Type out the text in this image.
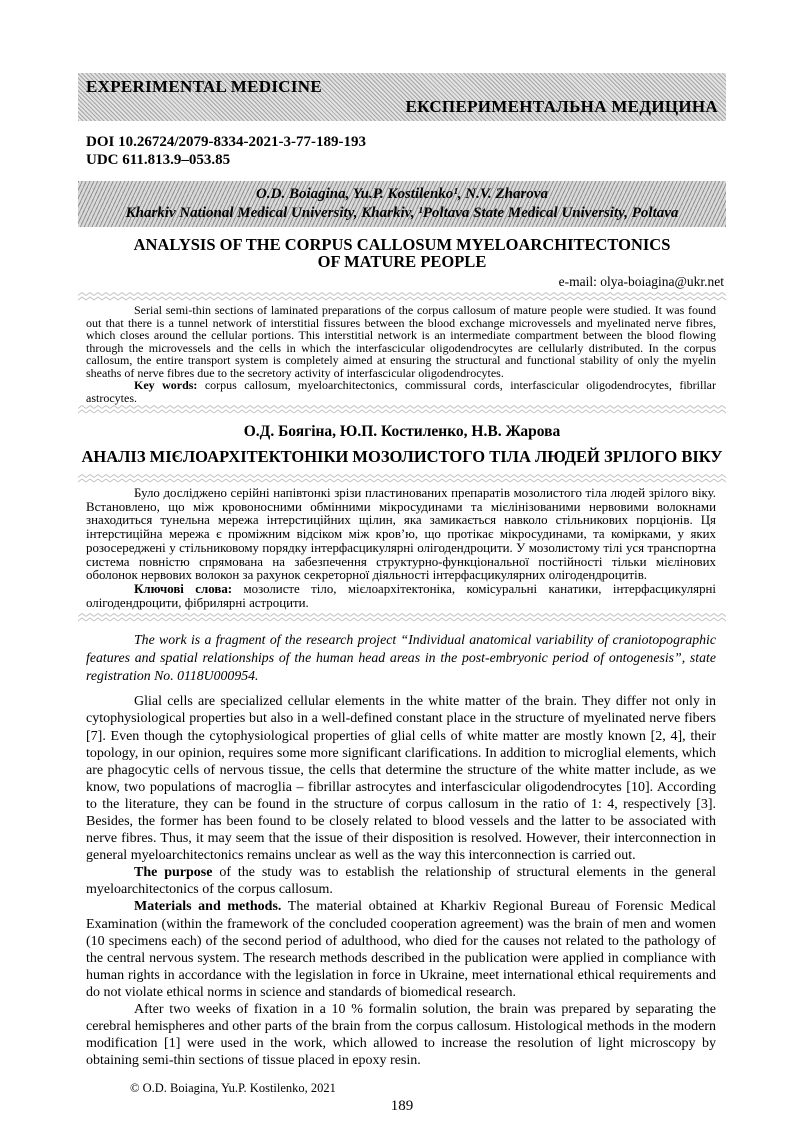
EXPERIMENTAL MEDICINE
ЕКСПЕРИМЕНТАЛЬНА МЕДИЦИНА
DOI 10.26724/2079-8334-2021-3-77-189-193
UDC 611.813.9–053.85
O.D. Boiagina, Yu.P. Kostilenko¹, N.V. Zharova
Kharkiv National Medical University, Kharkiv, ¹Poltava State Medical University, Poltava
ANALYSIS OF THE CORPUS CALLOSUM MYELOARCHITECTONICS
OF MATURE PEOPLE
e-mail: olya-boiagina@ukr.net

Serial semi-thin sections of laminated preparations of the corpus callosum of mature people were studied. It was found out that there is a tunnel network of interstitial fissures between the blood exchange microvessels and myelinated nerve fibres, which closes around the cellular portions. This interstitial network is an intermediate compartment between the blood flowing through the microvessels and the cells in which the interfascicular oligodendrocytes are cellularly distributed. In the corpus callosum, the entire transport system is completely aimed at ensuring the structural and functional stability of only the myelin sheaths of nerve fibres due to the secretory activity of interfascicular oligodendrocytes.

Key words: corpus callosum, myeloarchitectonics, commissural cords, interfascicular oligodendrocytes, fibrillar astrocytes.

О.Д. Боягіна, Ю.П. Костиленко, Н.В. Жарова
АНАЛІЗ МІЄЛОАРХІТЕКТОНІКИ МОЗОЛИСТОГО ТІЛА ЛЮДЕЙ ЗРІЛОГО ВІКУ

Було досліджено серійні напівтонкі зрізи пластинованих препаратів мозолистого тіла людей зрілого віку. Встановлено, що між кровоносними обмінними мікросудинами та мієлінізованими нервовими волокнами знаходиться тунельна мережа інтерстиційних щілин, яка замикається навколо стільникових порціонів. Ця інтерстиційна мережа є проміжним відсіком між кров’ю, що протікає мікросудинами, та комірками, у яких розосереджені у стільниковому порядку інтерфасцикулярні олігодендроцити. У мозолистому тілі уся транспортна система повністю спрямована на забезпечення структурно-функціональної постійності тільки мієлінових оболонок нервових волокон за рахунок секреторної діяльності інтерфасцикулярних олігодендроцитів.

Ключові слова: мозолисте тіло, мієлоархітектоніка, комісуральні канатики, інтерфасцикулярні олігодендроцити, фібрилярні астроцити.

The work is a fragment of the research project “Individual anatomical variability of craniotopographic features and spatial relationships of the human head areas in the post-embryonic period of ontogenesis”, state registration No. 0118U000954.

Glial cells are specialized cellular elements in the white matter of the brain. They differ not only in cytophysiological properties but also in a well-defined constant place in the structure of myelinated nerve fibers [7]. Even though the cytophysiological properties of glial cells of white matter are mostly known [2, 4], their topology, in our opinion, requires some more significant clarifications. In addition to microglial elements, which are phagocytic cells of nervous tissue, the cells that determine the structure of the white matter include, as we know, two populations of macroglia – fibrillar astrocytes and interfascicular oligodendrocytes [10]. According to the literature, they can be found in the structure of corpus callosum in the ratio of 1: 4, respectively [3]. Besides, the former has been found to be closely related to blood vessels and the latter to be associated with nerve fibres. Thus, it may seem that the issue of their disposition is resolved. However, their interconnection in general myeloarchitectonics remains unclear as well as the way this interconnection is carried out.

The purpose of the study was to establish the relationship of structural elements in the general myeloarchitectonics of the corpus callosum.

Materials and methods. The material obtained at Kharkiv Regional Bureau of Forensic Medical Examination (within the framework of the concluded cooperation agreement) was the brain of men and women (10 specimens each) of the second period of adulthood, who died for the causes not related to the pathology of the central nervous system. The research methods described in the publication were applied in compliance with human rights in accordance with the legislation in force in Ukraine, meet international ethical requirements and do not violate ethical norms in science and standards of biomedical research.

After two weeks of fixation in a 10 % formalin solution, the brain was prepared by separating the cerebral hemispheres and other parts of the brain from the corpus callosum. Histological methods in the modern modification [1] were used in the work, which allowed to increase the resolution of light microscopy by obtaining semi-thin sections of tissue placed in epoxy resin.

© O.D. Boiagina, Yu.P. Kostilenko, 2021
189
